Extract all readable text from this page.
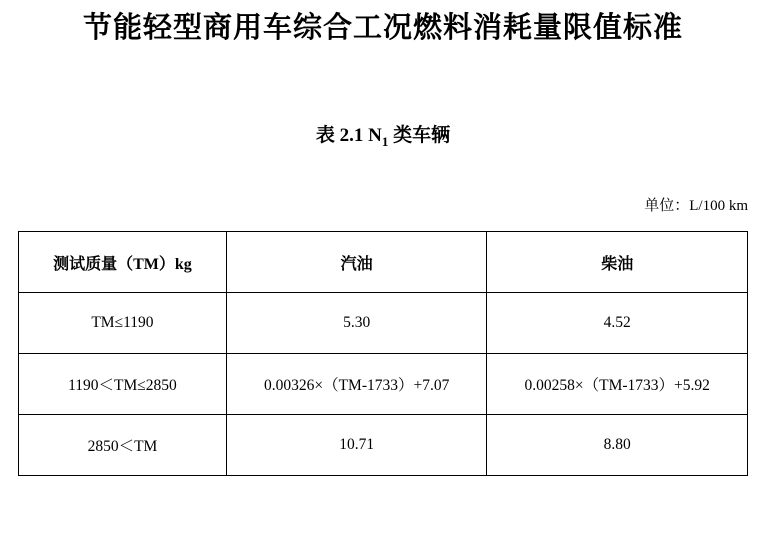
节能轻型商用车综合工况燃料消耗量限值标准
表 2.1 $N_1$ 类车辆
单位：L/100 km
测试质量（TM）kg	汽油	柴油
TM≤1190	5.30	4.52
1190＜TM≤2850	0.00326×（TM-1733）+7.07	0.00258×（TM-1733）+5.92
2850＜TM	10.71	8.80
